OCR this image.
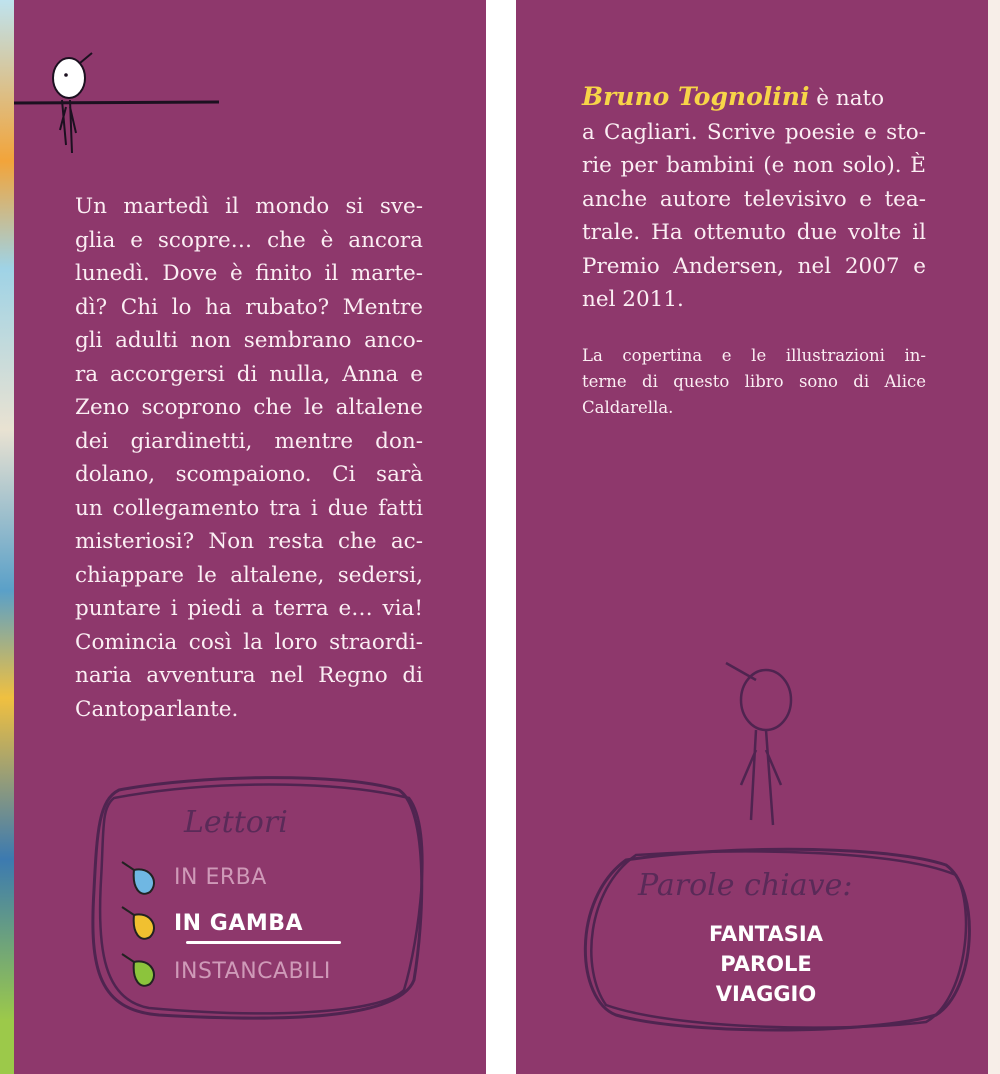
Un martedì il mondo si sve-
glia e scopre… che è ancora
lunedì. Dove è finito il marte-
dì? Chi lo ha rubato? Mentre
gli adulti non sembrano anco-
ra accorgersi di nulla, Anna e
Zeno scoprono che le altalene
dei giardinetti, mentre don-
dolano, scompaiono. Ci sarà
un collegamento tra i due fatti
misteriosi? Non resta che ac-
chiappare le altalene, sedersi,
puntare i piedi a terra e… via!
Comincia così la loro straordi-
naria avventura nel Regno di
Cantoparlante.
Lettori
IN ERBA
IN GAMBA
INSTANCABILI
Bruno Tognolini è nato
a Cagliari. Scrive poesie e sto-
rie per bambini (e non solo). È
anche autore televisivo e tea-
trale. Ha ottenuto due volte il
Premio Andersen, nel 2007 e
nel 2011.
La copertina e le illustrazioni in-
terne di questo libro sono di Alice
Caldarella.
Parole chiave:
FANTASIA
PAROLE
VIAGGIO
